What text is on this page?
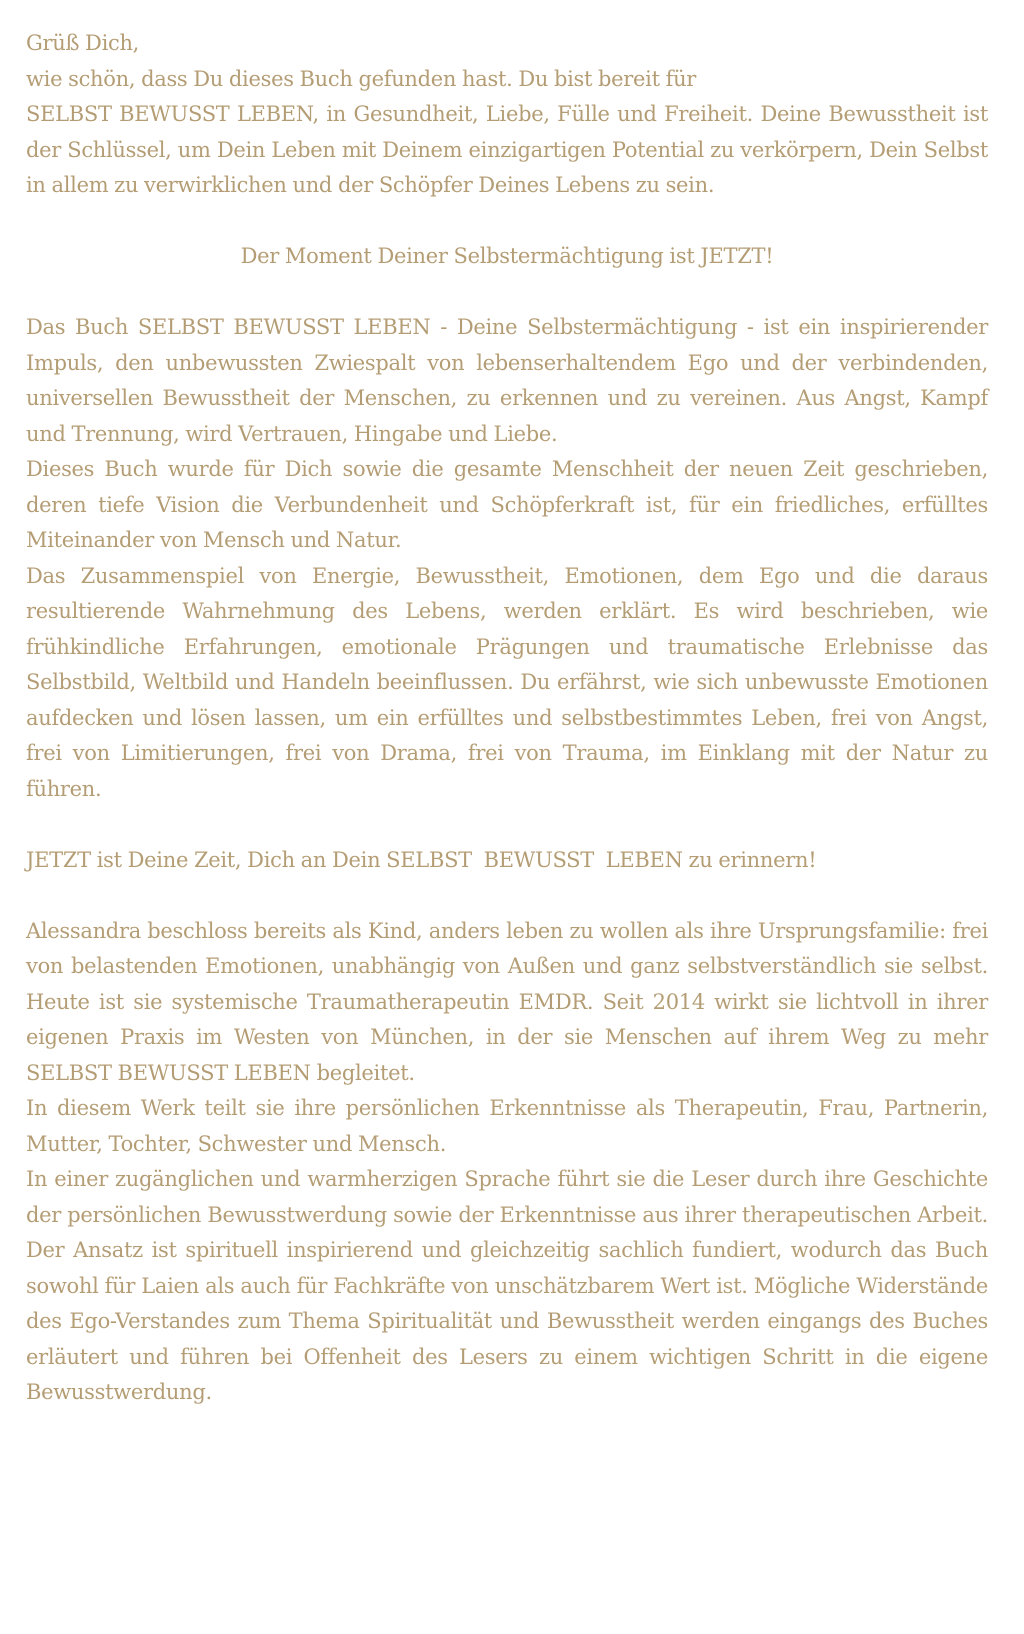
Grüß Dich,

wie schön, dass Du dieses Buch gefunden hast. Du bist bereit für

SELBST BEWUSST LEBEN, in Gesundheit, Liebe, Fülle und Freiheit. Deine Bewusstheit ist der Schlüssel, um Dein Leben mit Deinem einzigartigen Potential zu verkörpern, Dein Selbst in allem zu verwirklichen und der Schöpfer Deines Lebens zu sein.

Der Moment Deiner Selbstermächtigung ist JETZT!

Das Buch SELBST BEWUSST LEBEN - Deine Selbstermächtigung - ist ein inspirierender Impuls, den unbewussten Zwiespalt von lebenserhaltendem Ego und der verbindenden, universellen Bewusstheit der Menschen, zu erkennen und zu vereinen. Aus Angst, Kampf und Trennung, wird Vertrauen, Hingabe und Liebe.

Dieses Buch wurde für Dich sowie die gesamte Menschheit der neuen Zeit geschrieben, deren tiefe Vision die Verbundenheit und Schöpferkraft ist, für ein friedliches, erfülltes Miteinander von Mensch und Natur.

Das Zusammenspiel von Energie, Bewusstheit, Emotionen, dem Ego und die daraus resultierende Wahrnehmung des Lebens, werden erklärt. Es wird beschrieben, wie frühkindliche Erfahrungen, emotionale Prägungen und traumatische Erlebnisse das Selbstbild, Weltbild und Handeln beeinflussen. Du erfährst, wie sich unbewusste Emotionen aufdecken und lösen lassen, um ein erfülltes und selbstbestimmtes Leben, frei von Angst, frei von Limitierungen, frei von Drama, frei von Trauma, im Einklang mit der Natur zu führen.

JETZT ist Deine Zeit, Dich an Dein SELBST  BEWUSST  LEBEN zu erinnern!

Alessandra beschloss bereits als Kind, anders leben zu wollen als ihre Ursprungsfamilie: frei von belastenden Emotionen, unabhängig von Außen und ganz selbstverständlich sie selbst. Heute ist sie systemische Traumatherapeutin EMDR. Seit 2014 wirkt sie lichtvoll in ihrer eigenen Praxis im Westen von München, in der sie Menschen auf ihrem Weg zu mehr SELBST BEWUSST LEBEN begleitet.

In diesem Werk teilt sie ihre persönlichen Erkenntnisse als Therapeutin, Frau, Partnerin, Mutter, Tochter, Schwester und Mensch.

In einer zugänglichen und warmherzigen Sprache führt sie die Leser durch ihre Geschichte der persönlichen Bewusstwerdung sowie der Erkenntnisse aus ihrer therapeutischen Arbeit. Der Ansatz ist spirituell inspirierend und gleichzeitig sachlich fundiert, wodurch das Buch sowohl für Laien als auch für Fachkräfte von unschätzbarem Wert ist. Mögliche Widerstände des Ego-Verstandes zum Thema Spiritualität und Bewusstheit werden eingangs des Buches erläutert und führen bei Offenheit des Lesers zu einem wichtigen Schritt in die eigene Bewusstwerdung.
